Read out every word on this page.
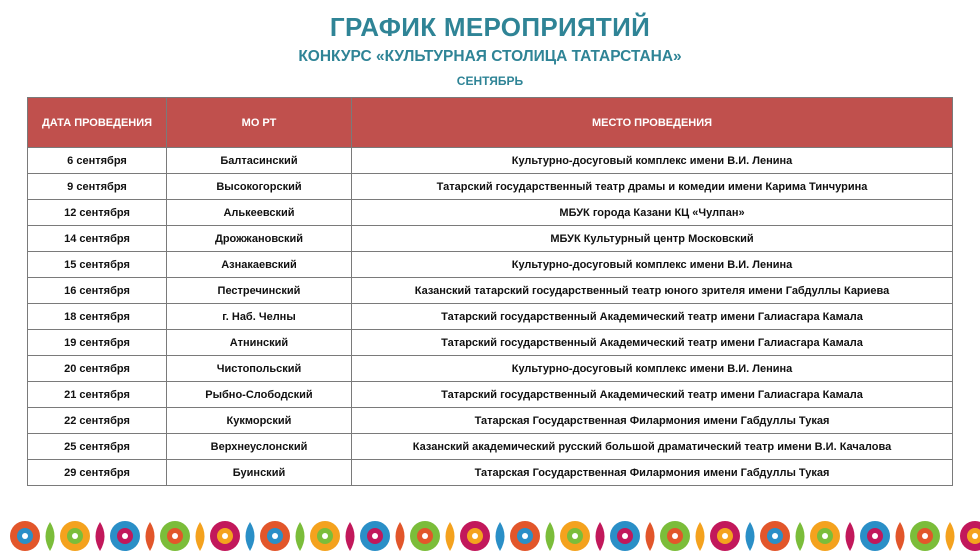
ГРАФИК МЕРОПРИЯТИЙ
КОНКУРС «КУЛЬТУРНАЯ СТОЛИЦА ТАТАРСТАНА»
СЕНТЯБРЬ
ДАТА ПРОВЕДЕНИЯ	МО РТ	МЕСТО ПРОВЕДЕНИЯ
6 сентября	Балтасинский	Культурно-досуговый комплекс имени В.И. Ленина
9 сентября	Высокогорский	Татарский государственный театр драмы и комедии имени Карима Тинчурина
12 сентября	Алькеевский	МБУК города Казани КЦ «Чулпан»
14 сентября	Дрожжановский	МБУК Культурный центр Московский
15 сентября	Азнакаевский	Культурно-досуговый комплекс имени В.И. Ленина
16 сентября	Пестречинский	Казанский татарский государственный театр юного зрителя имени Габдуллы Кариева
18 сентября	г. Наб. Челны	Татарский государственный Академический театр имени Галиасгара Камала
19 сентября	Атнинский	Татарский государственный Академический театр имени Галиасгара Камала
20 сентября	Чистопольский	Культурно-досуговый комплекс имени В.И. Ленина
21 сентября	Рыбно-Слободский	Татарский государственный Академический театр имени Галиасгара Камала
22 сентября	Кукморский	Татарская Государственная Филармония имени Габдуллы Тукая
25 сентября	Верхнеуслонский	Казанский академический русский большой драматический театр имени В.И. Качалова
29 сентября	Буинский	Татарская Государственная Филармония имени Габдуллы Тукая
